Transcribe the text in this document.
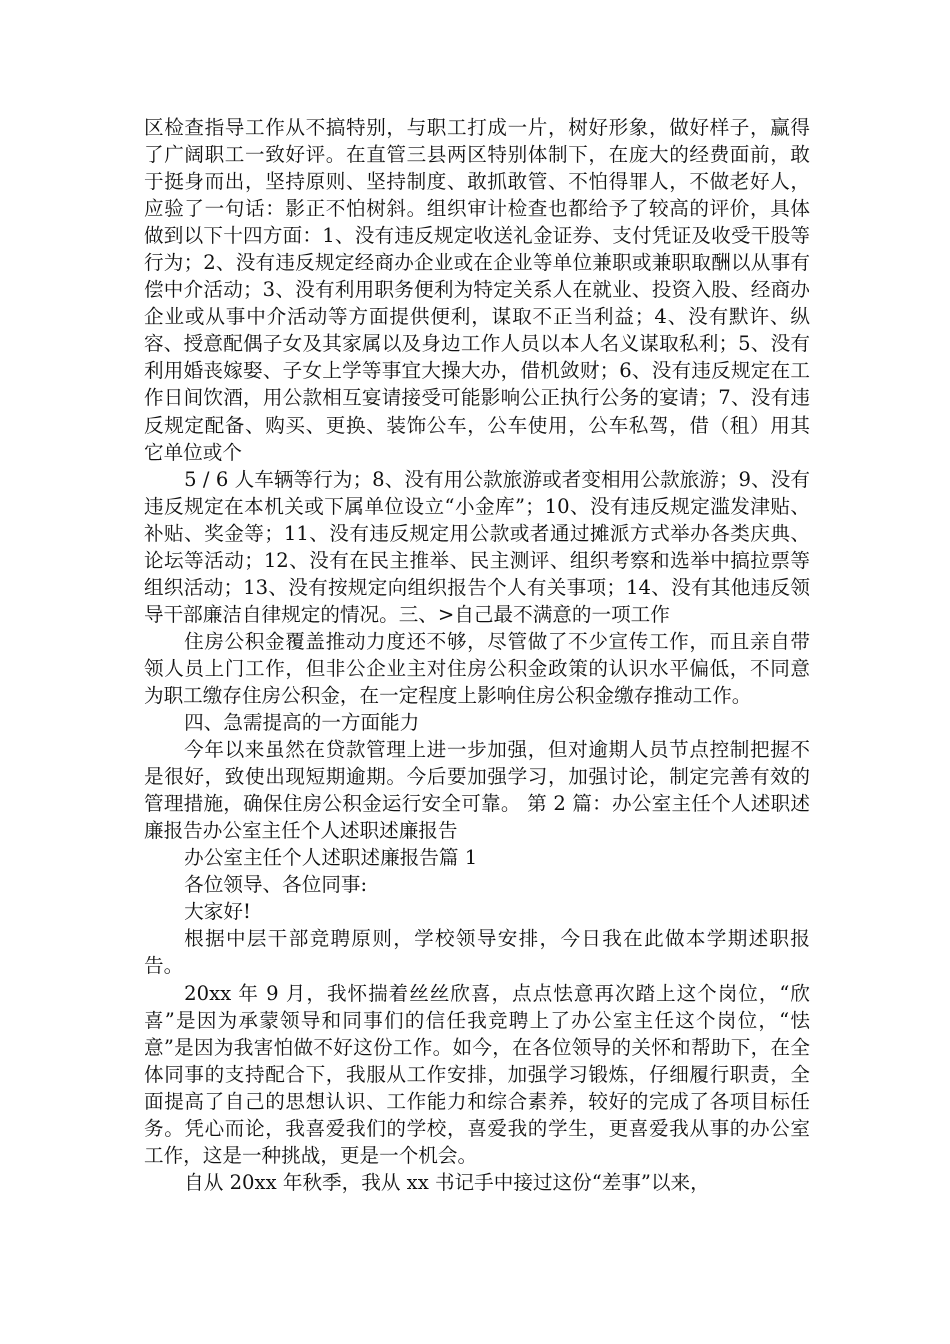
区检查指导工作从不搞特别，与职工打成一片，树好形象，做好样子，赢得了广阔职工一致好评。在直管三县两区特别体制下，在庞大的经费面前，敢于挺身而出，坚持原则、坚持制度、敢抓敢管、不怕得罪人，不做老好人，应验了一句话：影正不怕树斜。组织审计检查也都给予了较高的评价，具体做到以下十四方面：1、没有违反规定收送礼金证券、支付凭证及收受干股等行为；2、没有违反规定经商办企业或在企业等单位兼职或兼职取酬以从事有偿中介活动；3、没有利用职务便利为特定关系人在就业、投资入股、经商办企业或从事中介活动等方面提供便利，谋取不正当利益；4、没有默许、纵容、授意配偶子女及其家属以及身边工作人员以本人名义谋取私利；5、没有利用婚丧嫁娶、子女上学等事宜大操大办，借机敛财；6、没有违反规定在工作日间饮酒，用公款相互宴请接受可能影响公正执行公务的宴请；7、没有违反规定配备、购买、更换、装饰公车，公车使用，公车私驾，借（租）用其它单位或个

5 / 6 人车辆等行为；8、没有用公款旅游或者变相用公款旅游；9、没有违反规定在本机关或下属单位设立“小金库”；10、没有违反规定滥发津贴、补贴、奖金等；11、没有违反规定用公款或者通过摊派方式举办各类庆典、论坛等活动；12、没有在民主推举、民主测评、组织考察和选举中搞拉票等组织活动；13、没有按规定向组织报告个人有关事项；14、没有其他违反领导干部廉洁自律规定的情况。三、>自己最不满意的一项工作

住房公积金覆盖推动力度还不够，尽管做了不少宣传工作，而且亲自带领人员上门工作，但非公企业主对住房公积金政策的认识水平偏低，不同意为职工缴存住房公积金，在一定程度上影响住房公积金缴存推动工作。

四、急需提高的一方面能力

今年以来虽然在贷款管理上进一步加强，但对逾期人员节点控制把握不是很好，致使出现短期逾期。今后要加强学习，加强讨论，制定完善有效的管理措施，确保住房公积金运行安全可靠。 第 2 篇：办公室主任个人述职述廉报告办公室主任个人述职述廉报告

办公室主任个人述职述廉报告篇 1

各位领导、各位同事:

大家好!

根据中层干部竞聘原则，学校领导安排，今日我在此做本学期述职报告。

20xx 年 9 月，我怀揣着丝丝欣喜，点点怯意再次踏上这个岗位，“欣喜”是因为承蒙领导和同事们的信任我竞聘上了办公室主任这个岗位，“怯意”是因为我害怕做不好这份工作。如今，在各位领导的关怀和帮助下，在全体同事的支持配合下，我服从工作安排，加强学习锻炼，仔细履行职责，全面提高了自己的思想认识、工作能力和综合素养，较好的完成了各项目标任务。凭心而论，我喜爱我们的学校，喜爱我的学生，更喜爱我从事的办公室工作，这是一种挑战，更是一个机会。

自从 20xx 年秋季，我从 xx 书记手中接过这份“差事”以来，
